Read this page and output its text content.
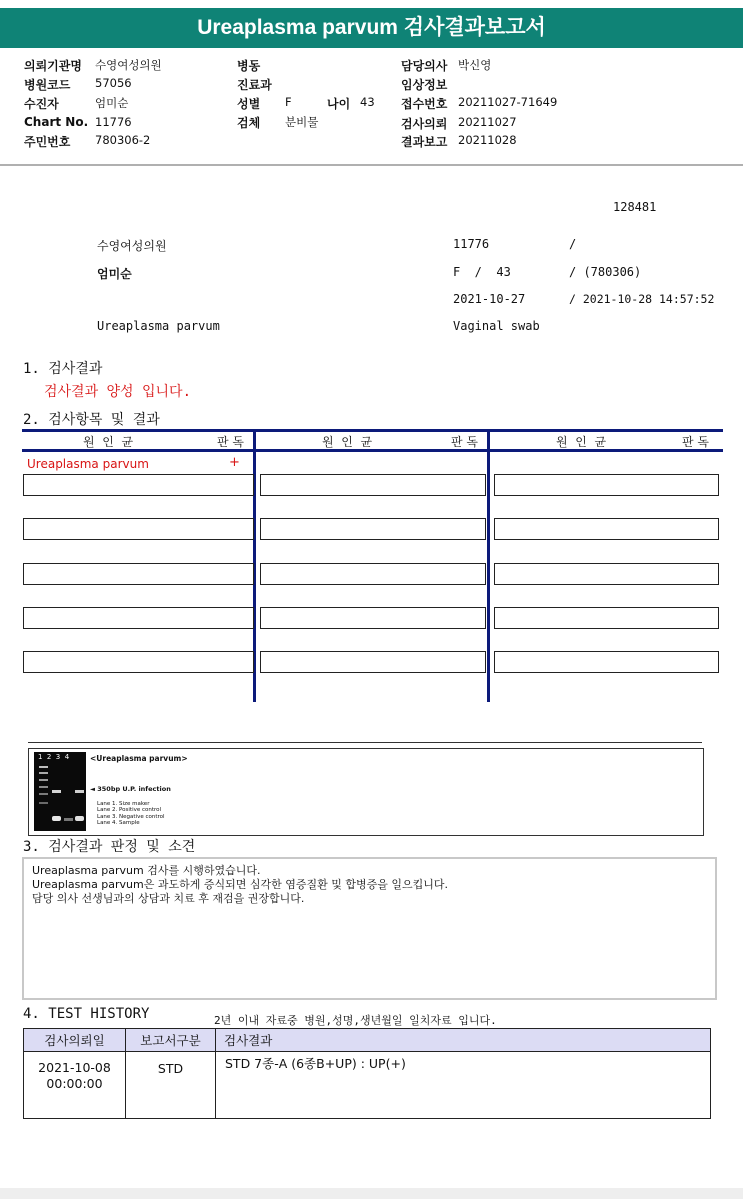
Ureaplasma parvum 검사결과보고서
의뢰기관명 수영여성의원
병원코드 57056
수진자	엄미순
Chart No. 11776
주민번호 780306-2
병동
진료과
성별 F	나이 43
검체 분비물
담당의사 박신영
임상정보
접수번호 20211027-71649
검사의뢰 20211027
결과보고 20211028
128481
수영여성의원	11776	/
엄미순	F  /  43	/ (780306)
2021-10-27	/ 2021-10-28 14:57:52
Ureaplasma parvum	Vaginal swab
1. 검사결과
검사결과 양성 입니다.
2. 검사항목 및 결과
원  인  균	판 독	원  인  균	판 독	원  인  균	판 독
Ureaplasma parvum	+
1  2  3  4	<Ureaplasma parvum>
◄ 350bp U.P. infection
Lane 1. Size maker
Lane 2. Positive control
Lane 3. Negative control
Lane 4. Sample
3. 검사결과 판정 및 소견
Ureaplasma parvum 검사를 시행하였습니다.
Ureaplasma parvum은 과도하게 증식되면 심각한 염증질환 및 합병증을 일으킵니다.
담당 의사 선생님과의 상담과 치료 후 재검을 권장합니다.
4. TEST HISTORY	2년 이내 자료중 병원,성명,생년월일 일치자료 입니다.
검사의뢰일	보고서구분	검사결과

2021-10-08
00:00:00	STD	STD 7종-A (6종B+UP) : UP(+)
